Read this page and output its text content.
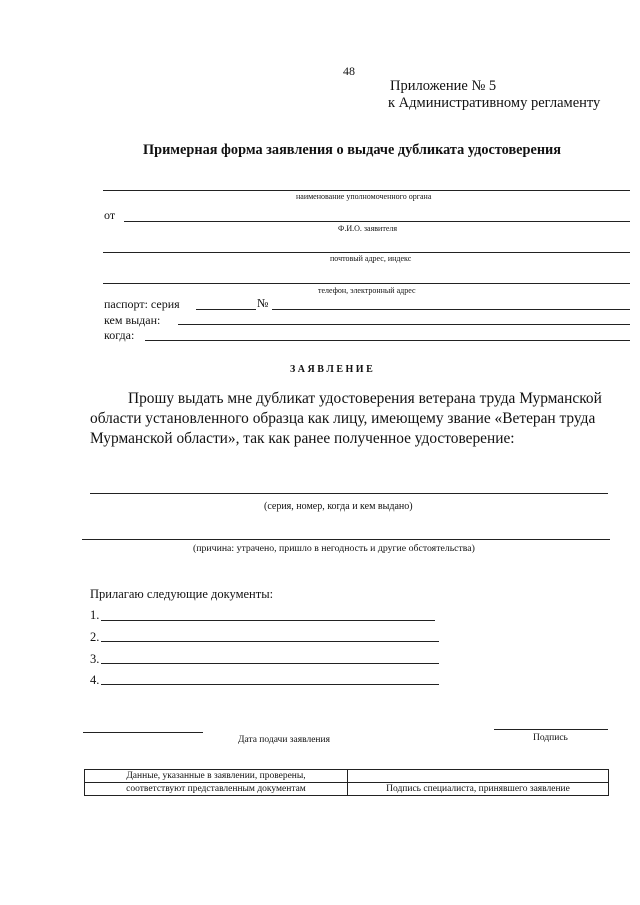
48
Приложение № 5
к Административному регламенту
Примерная форма заявления о выдаче дубликата удостоверения
наименование уполномоченного органа
от
Ф.И.О. заявителя
почтовый адрес, индекс
телефон, электронный адрес
паспорт: серия	№
кем выдан:
когда:
З А Я В Л Е Н И Е
Прошу выдать мне дубликат удостоверения ветерана труда Мурманской
области установленного образца как лицу, имеющему звание «Ветеран труда
Мурманской области», так как ранее полученное удостоверение:
(серия, номер, когда и кем выдано)
(причина: утрачено, пришло в негодность и другие обстоятельства)
Прилагаю следующие документы:
1.
2.
3.
4.
Дата подачи заявления	Подпись
Данные, указанные в заявлении, проверены,	
соответствуют представленным документам	Подпись специалиста, принявшего заявление
